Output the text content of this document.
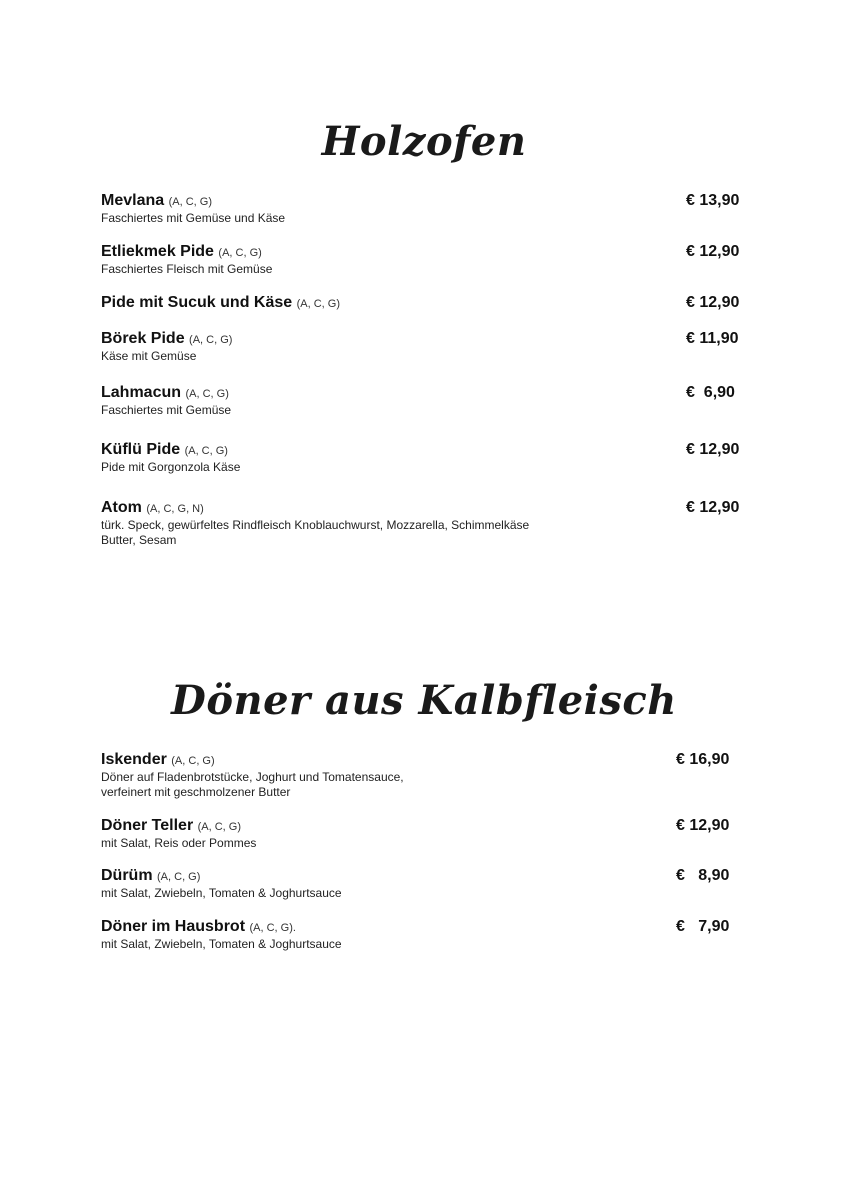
Holzofen
Mevlana (A, C, G)
Faschiertes mit Gemüse und Käse
€ 13,90
Etliekmek Pide (A, C, G)
Faschiertes Fleisch mit Gemüse
€ 12,90
Pide mit Sucuk und Käse (A, C, G)	€ 12,90
Börek Pide (A, C, G)
Käse mit Gemüse
€ 11,90
Lahmacun (A, C, G)
Faschiertes mit Gemüse
€  6,90
Küflü Pide (A, C, G)
Pide mit Gorgonzola Käse
€ 12,90
Atom (A, C, G, N)
türk. Speck, gewürfeltes Rindfleisch Knoblauchwurst, Mozzarella, Schimmelkäse
Butter, Sesam
€ 12,90
Döner aus Kalbfleisch
Iskender (A, C, G)
Döner auf Fladenbrotstücke, Joghurt und Tomatensauce,
verfeinert mit geschmolzener Butter
€ 16,90
Döner Teller (A, C, G)
mit Salat, Reis oder Pommes
€ 12,90
Dürüm (A, C, G)
mit Salat, Zwiebeln, Tomaten & Joghurtsauce
€   8,90
Döner im Hausbrot (A, C, G).
mit Salat, Zwiebeln, Tomaten & Joghurtsauce
€   7,90
